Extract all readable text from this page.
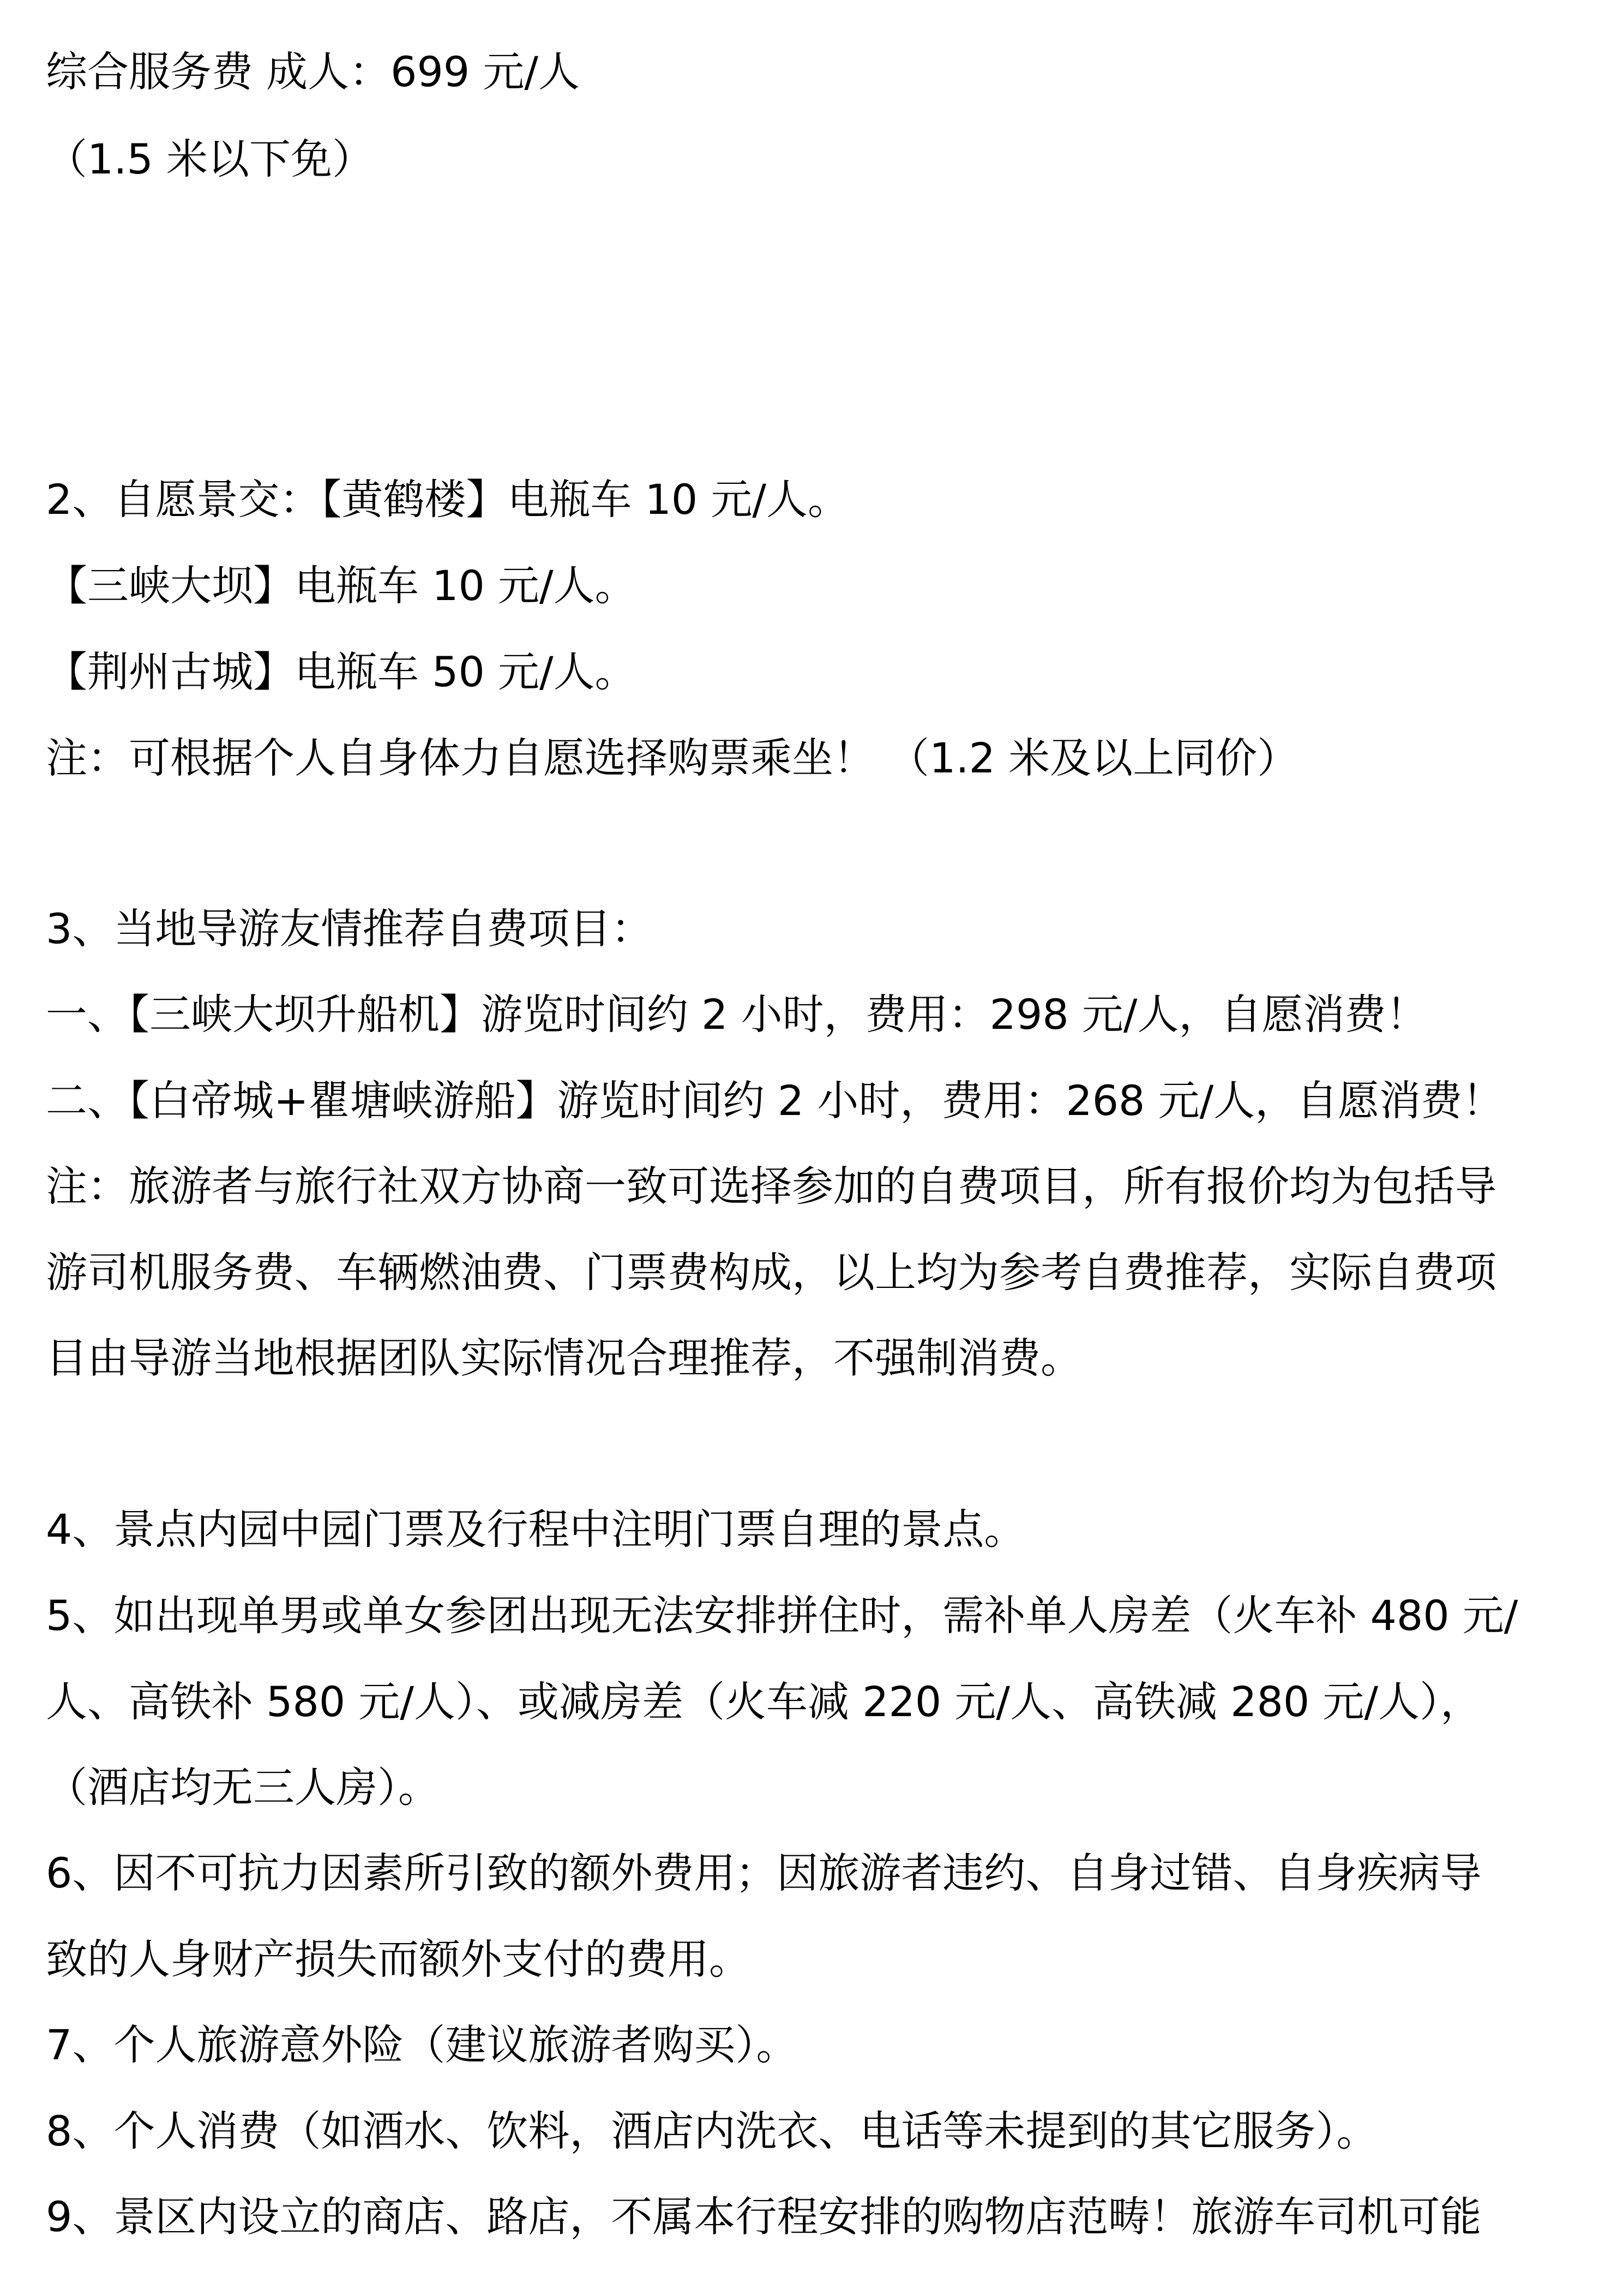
综合服务费 成人：699 元/人
（1.5 米以下免）
2、自愿景交：【黄鹤楼】电瓶车 10 元/人。
【三峡大坝】电瓶车 10 元/人。
【荆州古城】电瓶车 50 元/人。
注：可根据个人自身体力自愿选择购票乘坐！ （1.2 米及以上同价）
3、当地导游友情推荐自费项目：
一、【三峡大坝升船机】游览时间约 2 小时，费用：298 元/人，自愿消费！
二、【白帝城+瞿塘峡游船】游览时间约 2 小时，费用：268 元/人，自愿消费！
注：旅游者与旅行社双方协商一致可选择参加的自费项目，所有报价均为包括导
游司机服务费、车辆燃油费、门票费构成，以上均为参考自费推荐，实际自费项
目由导游当地根据团队实际情况合理推荐，不强制消费。
4、景点内园中园门票及行程中注明门票自理的景点。
5、如出现单男或单女参团出现无法安排拼住时，需补单人房差（火车补 480 元/
人、高铁补 580 元/人）、或减房差（火车减 220 元/人、高铁减 280 元/人），
（酒店均无三人房）。
6、因不可抗力因素所引致的额外费用；因旅游者违约、自身过错、自身疾病导
致的人身财产损失而额外支付的费用。
7、个人旅游意外险（建议旅游者购买）。
8、个人消费（如酒水、饮料，酒店内洗衣、电话等未提到的其它服务）。
9、景区内设立的商店、路店，不属本行程安排的购物店范畴！旅游车司机可能
